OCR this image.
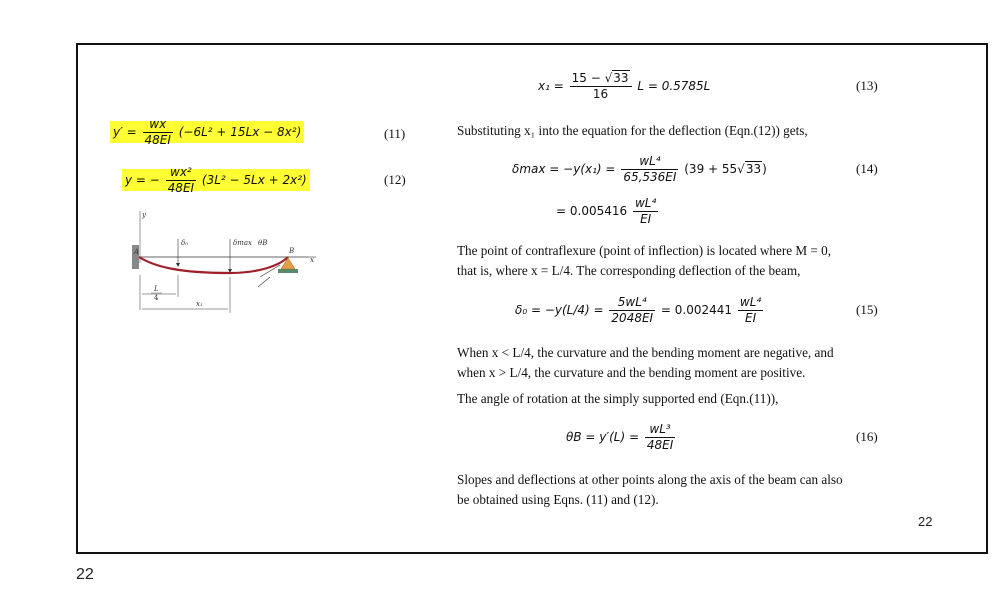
22
22
$y' = \frac{wx}{48EI} (-6L^2 + 15Lx - 8x^2)$	(11)
y = − $\frac{\text{wx²}}{48EI} (3L^2 - 5Lx + 2x^2)$	(12)
y
x
A	B
δ₀	δmax θB
L
4
x₁
$x_1 = \frac{15 - √33}{16}$ L = 0.5785L	(13)
Substituting x₁ into the equation for the deflection (Eqn.(12)) gets,
$\delta\max = -y(x_1) = \frac{\text{wL⁴}}{65,536EI} (39 + 55√33)$
= $0.005416 \frac{\text{wL⁴}}{EI}$
(14)
The point of contraflexure (point of inflection) is located where M = 0,
that is, where x = L/4. The corresponding deflection of the beam,
$\delta_0 = -y(L/4) = \frac{\text{5wL⁴}}{2048EI} = 0.002441 \frac{\text{wL⁴}}{EI}$	(15)
When x < L/4, the curvature and the bending moment are negative, and
when x > L/4, the curvature and the bending moment are positive.
The angle of rotation at the simply supported end (Eqn.(11)),
$\theta B = y'(L) = \frac{\text{wL³}}{48EI}$	(16)
Slopes and deflections at other points along the axis of the beam can also
be obtained using Eqns. (11) and (12).
